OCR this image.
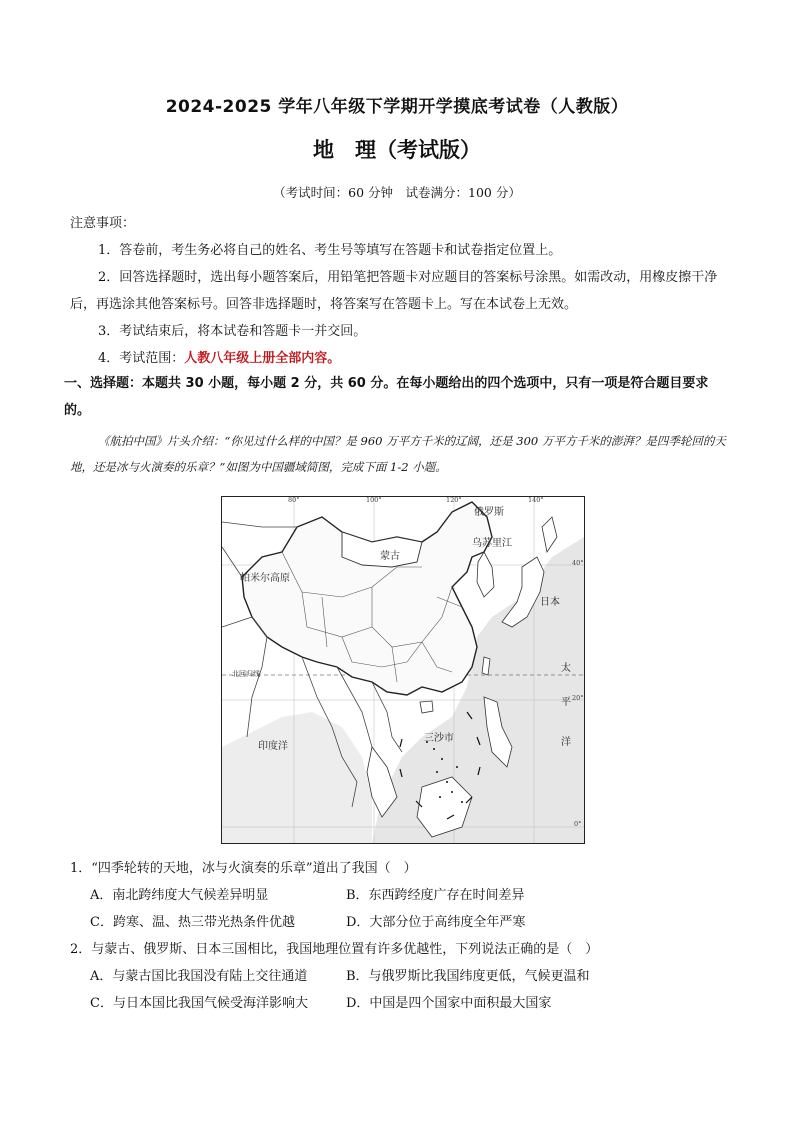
2024-2025 学年八年级下学期开学摸底考试卷（人教版）
地　理（考试版）
（考试时间：60 分钟　试卷满分：100 分）

注意事项：

1．答卷前，考生务必将自己的姓名、考生号等填写在答题卡和试卷指定位置上。

2．回答选择题时，选出每小题答案后，用铅笔把答题卡对应题目的答案标号涂黑。如需改动，用橡皮擦干净后，再选涂其他答案标号。回答非选择题时，将答案写在答题卡上。写在本试卷上无效。

3．考试结束后，将本试卷和答题卡一并交回。

4．考试范围：人教八年级上册全部内容。

一、选择题：本题共 30 小题，每小题 2 分，共 60 分。在每小题给出的四个选项中，只有一项是符合题目要求的。
《航拍中国》片头介绍：“你见过什么样的中国？是 960 万平方千米的辽阔，还是 300 万平方千米的澎湃？是四季轮回的天地，还是冰与火演奏的乐章？”如图为中国疆域简图，完成下面 1-2 小题。
80°	100°	120°	140°
40°
20°
0°
俄罗斯
蒙古
乌苏里江
帕米尔高原
日本
太
平
洋
北回归线
印度洋
三沙市

1．“四季轮转的天地，冰与火演奏的乐章”道出了我国（　）

A．南北跨纬度大气候差异明显	B．东西跨经度广存在时间差异
C．跨寒、温、热三带光热条件优越	D．大部分位于高纬度全年严寒

2．与蒙古、俄罗斯、日本三国相比，我国地理位置有许多优越性，下列说法正确的是（　）

A．与蒙古国比我国没有陆上交往通道	B．与俄罗斯比我国纬度更低，气候更温和
C．与日本国比我国气候受海洋影响大	D．中国是四个国家中面积最大国家
